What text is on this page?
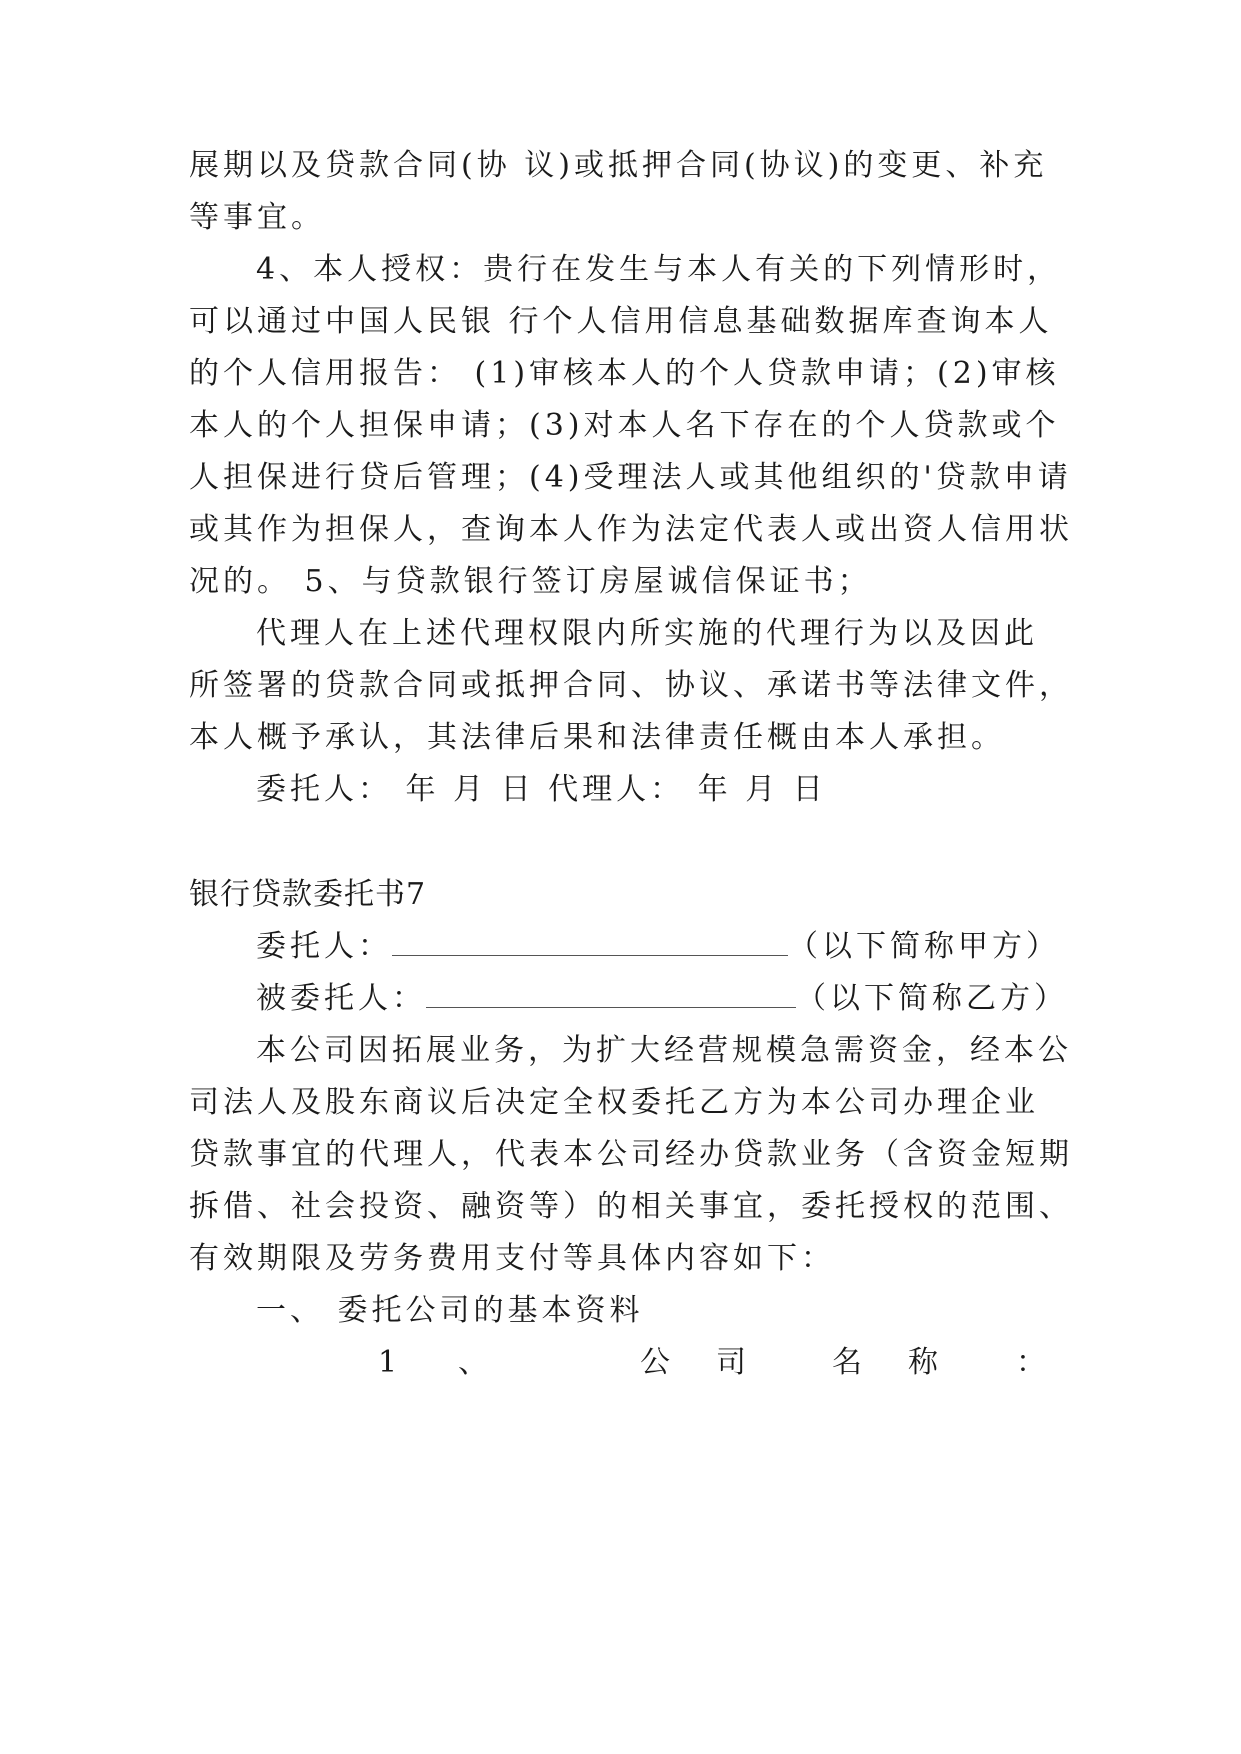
展期以及贷款合同(协 议)或抵押合同(协议)的变更、补充
等事宜。
4、本人授权：贵行在发生与本人有关的下列情形时，
可以通过中国人民银 行个人信用信息基础数据库查询本人
的个人信用报告： (1)审核本人的个人贷款申请；(2)审核
本人的个人担保申请；(3)对本人名下存在的个人贷款或个
人担保进行贷后管理；(4)受理法人或其他组织的'贷款申请
或其作为担保人，查询本人作为法定代表人或出资人信用状
况的。 5、与贷款银行签订房屋诚信保证书；
代理人在上述代理权限内所实施的代理行为以及因此
所签署的贷款合同或抵押合同、协议、承诺书等法律文件，
本人概予承认，其法律后果和法律责任概由本人承担。
委托人： 年 月 日 代理人： 年 月 日
银行贷款委托书7
委托人：	（以下简称甲方）
被委托人：	（以下简称乙方）
本公司因拓展业务，为扩大经营规模急需资金，经本公
司法人及股东商议后决定全权委托乙方为本公司办理企业
贷款事宜的代理人，代表本公司经办贷款业务（含资金短期
拆借、社会投资、融资等）的相关事宜，委托授权的范围、
有效期限及劳务费用支付等具体内容如下：
一、 委托公司的基本资料
1 、	公 司	名 称	：
